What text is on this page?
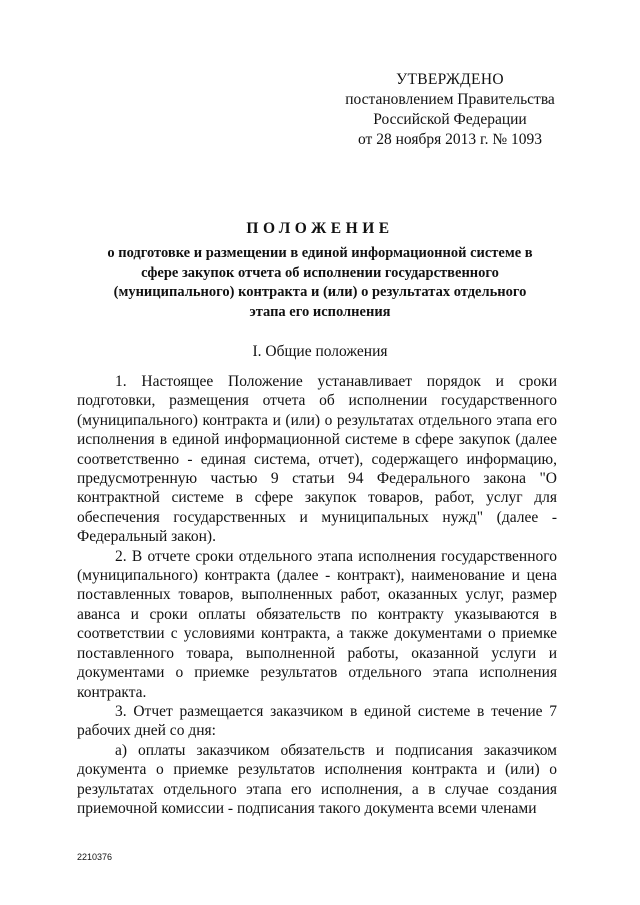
УТВЕРЖДЕНО
постановлением Правительства
Российской Федерации
от 28 ноября 2013 г. № 1093
ПОЛОЖЕНИЕ
о подготовке и размещении в единой информационной системе в сфере закупок отчета об исполнении государственного (муниципального) контракта и (или) о результатах отдельного этапа его исполнения
I. Общие положения

1. Настоящее Положение устанавливает порядок и сроки подготовки, размещения отчета об исполнении государственного (муниципального) контракта и (или) о результатах отдельного этапа его исполнения в единой информационной системе в сфере закупок (далее соответственно - единая система, отчет), содержащего информацию, предусмотренную частью 9 статьи 94 Федерального закона "О контрактной системе в сфере закупок товаров, работ, услуг для обеспечения государственных и муниципальных нужд" (далее - Федеральный закон).

2. В отчете сроки отдельного этапа исполнения государственного (муниципального) контракта (далее - контракт), наименование и цена поставленных товаров, выполненных работ, оказанных услуг, размер аванса и сроки оплаты обязательств по контракту указываются в соответствии с условиями контракта, а также документами о приемке поставленного товара, выполненной работы, оказанной услуги и документами о приемке результатов отдельного этапа исполнения контракта.

3. Отчет размещается заказчиком в единой системе в течение 7 рабочих дней со дня:

а) оплаты заказчиком обязательств и подписания заказчиком документа о приемке результатов исполнения контракта и (или) о результатах отдельного этапа его исполнения, а в случае создания приемочной комиссии - подписания такого документа всеми членами

2210376
